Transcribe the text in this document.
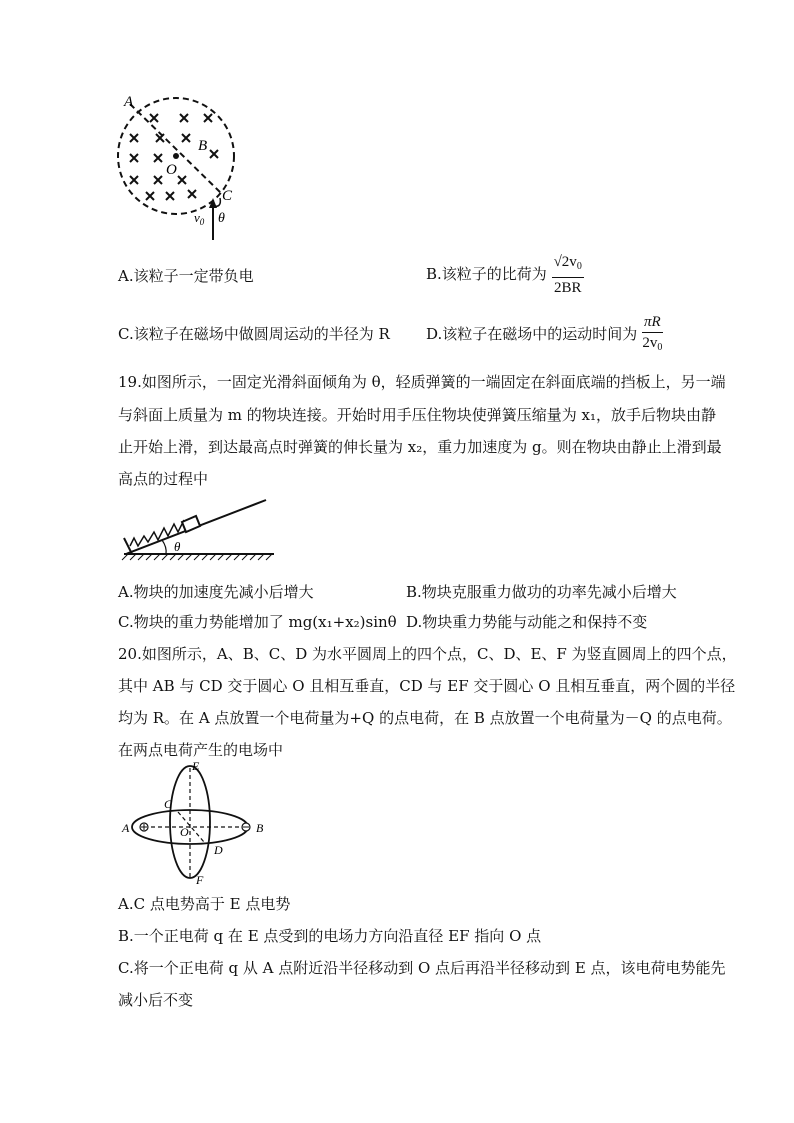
A
B
O
C
$v_0$ θ
A.该粒子一定带负电	B.该粒子的比荷为 $\frac{√2v_0}{2BR}$
C.该粒子在磁场中做圆周运动的半径为 R D.该粒子在磁场中的运动时间为 $\frac{\pi R}{2v_0}$
19.如图所示，一固定光滑斜面倾角为 θ，轻质弹簧的一端固定在斜面底端的挡板上，另一端
与斜面上质量为 m 的物块连接。开始时用手压住物块使弹簧压缩量为 x₁，放手后物块由静
止开始上滑，到达最高点时弹簧的伸长量为 x₂，重力加速度为 g。则在物块由静止上滑到最
高点的过程中
θ
A.物块的加速度先减小后增大	B.物块克服重力做功的功率先减小后增大
C.物块的重力势能增加了 mg(x₁+x₂)sinθ D.物块重力势能与动能之和保持不变
20.如图所示，A、B、C、D 为水平圆周上的四个点，C、D、E、F 为竖直圆周上的四个点，
其中 AB 与 CD 交于圆心 O 且相互垂直，CD 与 EF 交于圆心 O 且相互垂直，两个圆的半径
均为 R。在 A 点放置一个电荷量为+Q 的点电荷，在 B 点放置一个电荷量为－Q 的点电荷。
在两点电荷产生的电场中
E
F
A	B
C
D
O
A.C 点电势高于 E 点电势
B.一个正电荷 q 在 E 点受到的电场力方向沿直径 EF 指向 O 点
C.将一个正电荷 q 从 A 点附近沿半径移动到 O 点后再沿半径移动到 E 点，该电荷电势能先
减小后不变
